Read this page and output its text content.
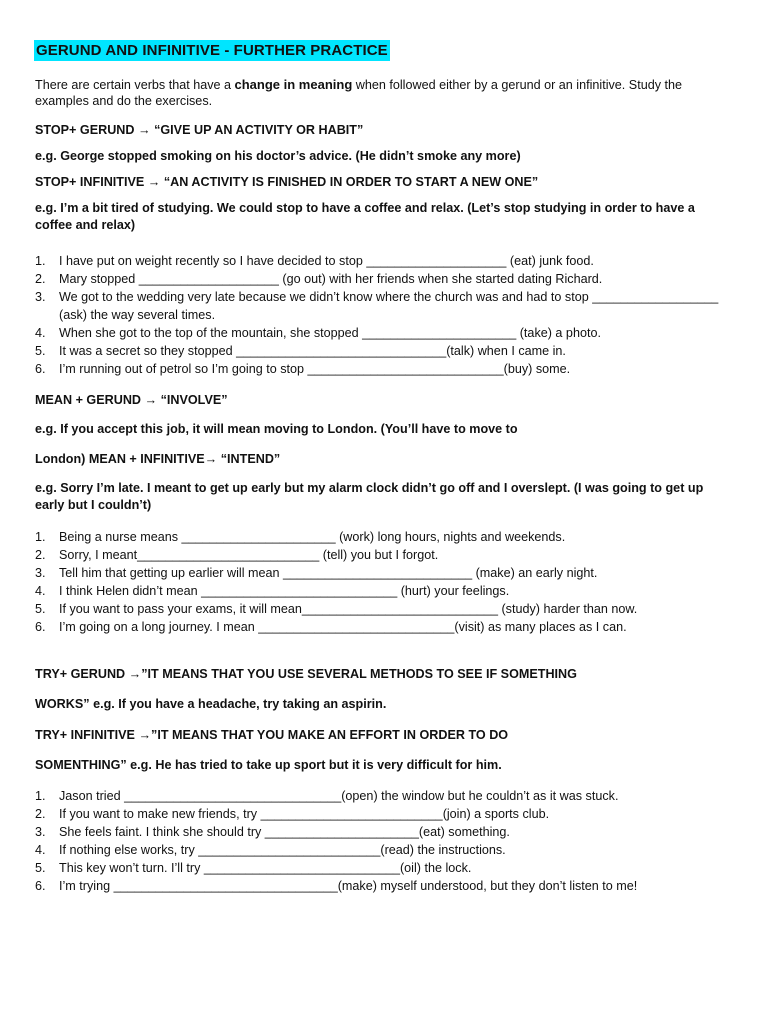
GERUND AND INFINITIVE - FURTHER PRACTICE

There are certain verbs that have a change in meaning when followed either by a gerund or an infinitive. Study the examples and do the exercises.

STOP+ GERUND → “GIVE UP AN ACTIVITY OR HABIT”

e.g. George stopped smoking on his doctor’s advice. (He didn’t smoke any more)

STOP+ INFINITIVE → “AN ACTIVITY IS FINISHED IN ORDER TO START A NEW ONE”

e.g. I’m a bit tired of studying. We could stop to have a coffee and relax. (Let’s stop studying in order to have a coffee and relax)

1. I have put on weight recently so I have decided to stop ____________________ (eat) junk food.
2. Mary stopped ____________________ (go out) with her friends when she started dating Richard.
3. We got to the wedding very late because we didn’t know where the church was and had to stop __________________ (ask) the way several times.
4. When she got to the top of the mountain, she stopped ______________________ (take) a photo.
5. It was a secret so they stopped ______________________________(talk) when I came in.
6. I’m running out of petrol so I’m going to stop ____________________________(buy) some.

MEAN + GERUND → “INVOLVE”

e.g. If you accept this job, it will mean moving to London. (You’ll have to move to

London) MEAN + INFINITIVE→ “INTEND”

e.g. Sorry I’m late. I meant to get up early but my alarm clock didn’t go off and I overslept. (I was going to get up early but I couldn’t)

1. Being a nurse means ______________________ (work) long hours, nights and weekends.
2. Sorry, I meant__________________________ (tell) you but I forgot.
3. Tell him that getting up earlier will mean ___________________________ (make) an early night.
4. I think Helen didn’t mean ____________________________ (hurt) your feelings.
5. If you want to pass your exams, it will mean____________________________ (study) harder than now.
6. I’m going on a long journey. I mean ____________________________(visit) as many places as I can.

TRY+ GERUND →”IT MEANS THAT YOU USE SEVERAL METHODS TO SEE IF SOMETHING

WORKS” e.g. If you have a headache, try taking an aspirin.

TRY+ INFINITIVE →”IT MEANS THAT YOU MAKE AN EFFORT IN ORDER TO DO

SOMENTHING” e.g. He has tried to take up sport but it is very difficult for him.

1. Jason tried _______________________________(open) the window but he couldn’t as it was stuck.
2. If you want to make new friends, try __________________________(join) a sports club.
3. She feels faint. I think she should try ______________________(eat) something.
4. If nothing else works, try __________________________(read) the instructions.
5. This key won’t turn. I’ll try ____________________________(oil) the lock.
6. I’m trying ________________________________(make) myself understood, but they don’t listen to me!
